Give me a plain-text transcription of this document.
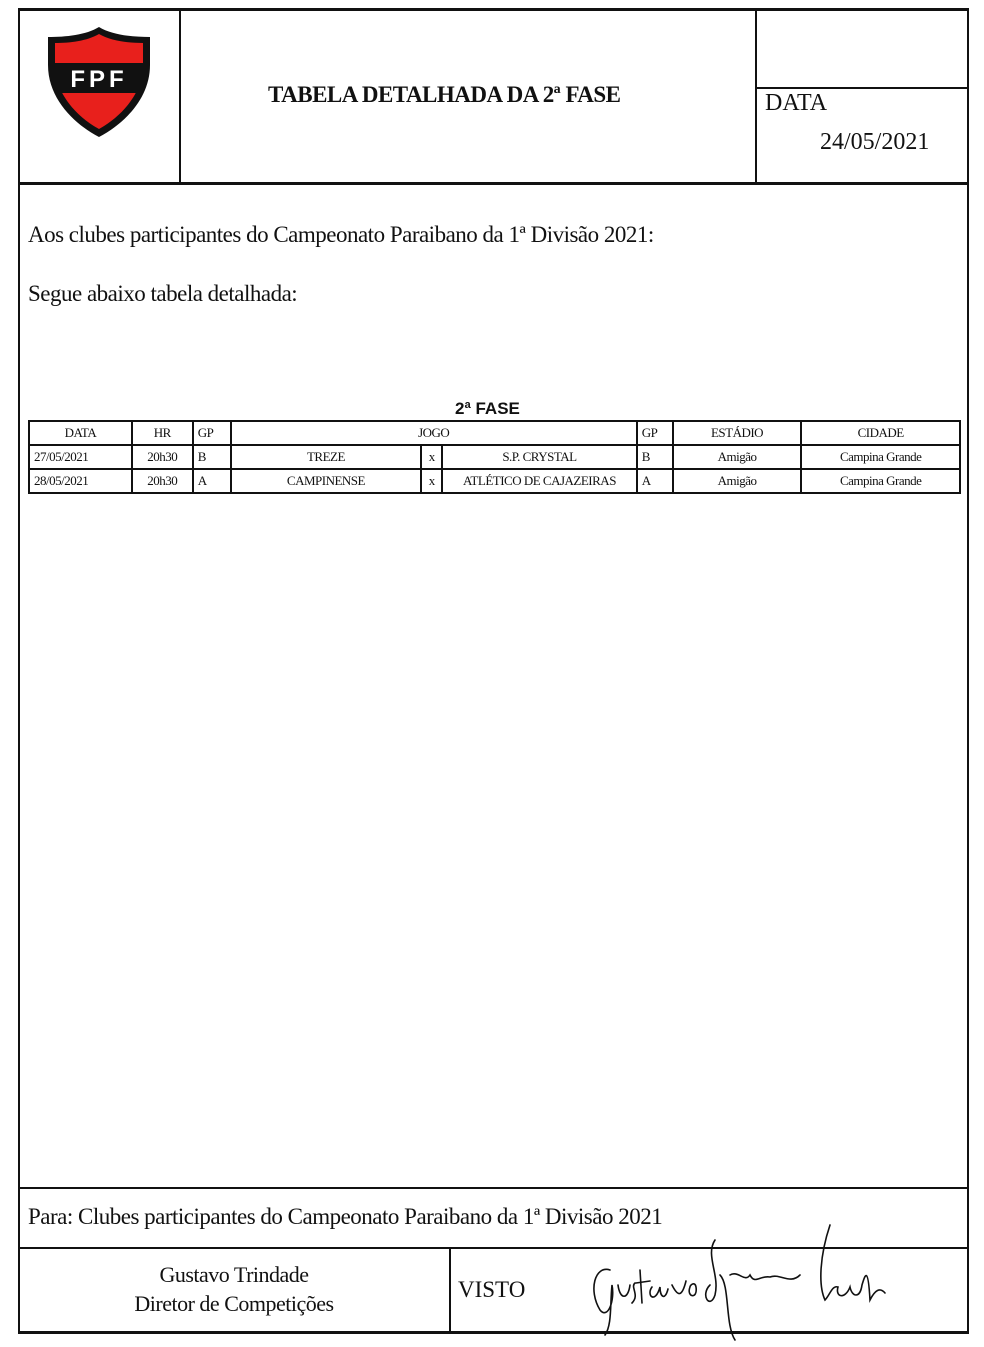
FPF
TABELA DETALHADA DA 2ª FASE	DATA
24/05/2021
Aos clubes participantes do Campeonato Paraibano da 1ª Divisão 2021:
Segue abaixo tabela detalhada:
2ª FASE
DATA	HR	GP	JOGO			GP	ESTÁDIO	CIDADE
27/05/2021	20h30	B	TREZE	x	S.P. CRYSTAL	B	Amigão	Campina Grande
28/05/2021	20h30	A	CAMPINENSE	x	ATLÉTICO DE CAJAZEIRAS	A	Amigão	Campina Grande
Para: Clubes participantes do Campeonato Paraibano da 1ª Divisão 2021
Gustavo Trindade
Diretor de Competições
VISTO
